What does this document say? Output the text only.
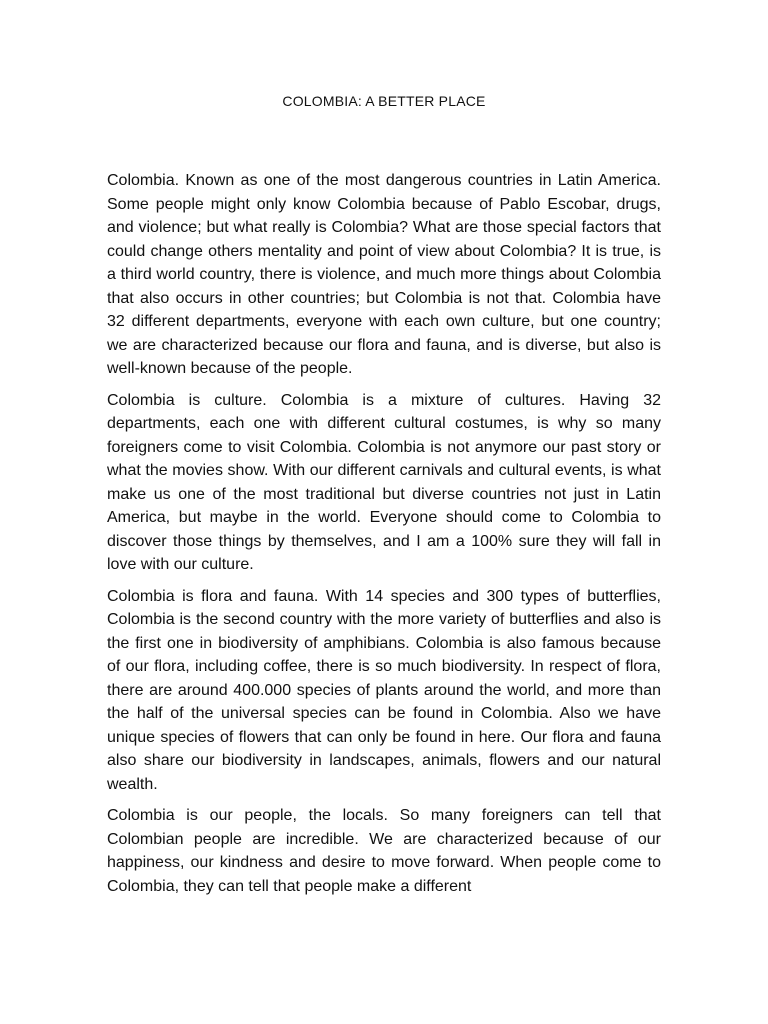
COLOMBIA: A BETTER PLACE

Colombia. Known as one of the most dangerous countries in Latin America. Some people might only know Colombia because of Pablo Escobar, drugs, and violence; but what really is Colombia? What are those special factors that could change others mentality and point of view about Colombia? It is true, is a third world country, there is violence, and much more things about Colombia that also occurs in other countries; but Colombia is not that. Colombia have 32 different departments, everyone with each own culture, but one country; we are characterized because our flora and fauna, and is diverse, but also is well-known because of the people.

Colombia is culture. Colombia is a mixture of cultures. Having 32 departments, each one with different cultural costumes, is why so many foreigners come to visit Colombia. Colombia is not anymore our past story or what the movies show. With our different carnivals and cultural events, is what make us one of the most traditional but diverse countries not just in Latin America, but maybe in the world. Everyone should come to Colombia to discover those things by themselves, and I am a 100% sure they will fall in love with our culture.

Colombia is flora and fauna. With 14 species and 300 types of butterflies, Colombia is the second country with the more variety of butterflies and also is the first one in biodiversity of amphibians. Colombia is also famous because of our flora, including coffee, there is so much biodiversity. In respect of flora, there are around 400.000 species of plants around the world, and more than the half of the universal species can be found in Colombia. Also we have unique species of flowers that can only be found in here. Our flora and fauna also share our biodiversity in landscapes, animals, flowers and our natural wealth.

Colombia is our people, the locals. So many foreigners can tell that Colombian people are incredible. We are characterized because of our happiness, our kindness and desire to move forward. When people come to Colombia, they can tell that people make a different
